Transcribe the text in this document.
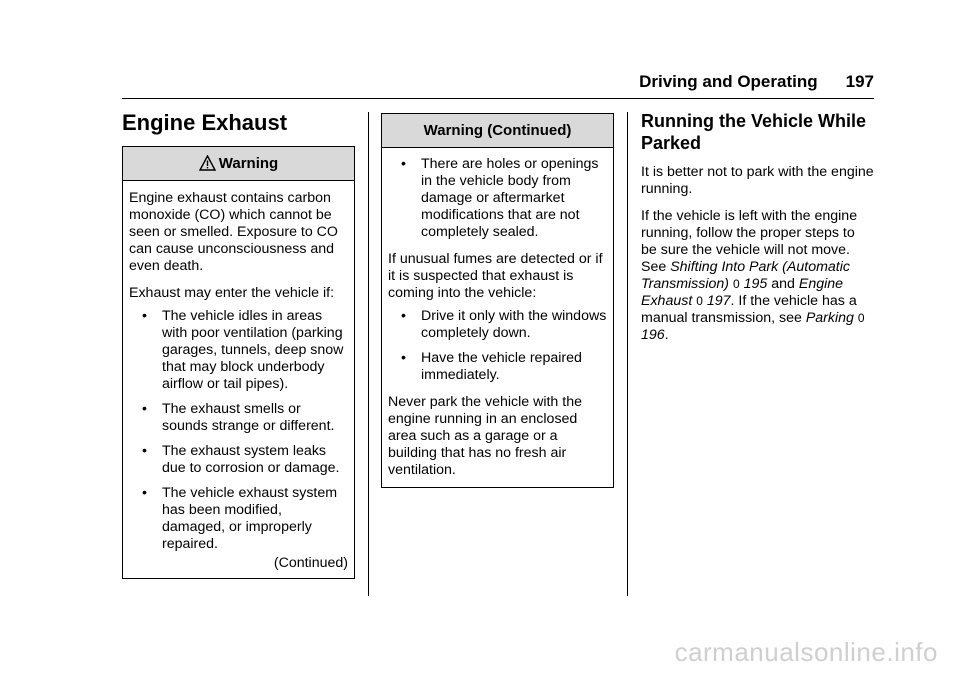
Driving and Operating 197
Engine Exhaust
Warning

Engine exhaust contains carbon monoxide (CO) which cannot be seen or smelled. Exposure to CO can cause unconsciousness and even death.

Exhaust may enter the vehicle if:

• The vehicle idles in areas with poor ventilation (parking garages, tunnels, deep snow that may block underbody airflow or tail pipes).
• The exhaust smells or sounds strange or different.
• The exhaust system leaks due to corrosion or damage.
• The vehicle exhaust system has been modified, damaged, or improperly repaired.
(Continued)
Warning (Continued)
• There are holes or openings in the vehicle body from damage or aftermarket modifications that are not completely sealed.

If unusual fumes are detected or if it is suspected that exhaust is coming into the vehicle:

• Drive it only with the windows completely down.
• Have the vehicle repaired immediately.

Never park the vehicle with the engine running in an enclosed area such as a garage or a building that has no fresh air ventilation.

Running the Vehicle While Parked

It is better not to park with the engine running.

If the vehicle is left with the engine running, follow the proper steps to be sure the vehicle will not move. See Shifting Into Park (Automatic Transmission) 0 195 and Engine Exhaust 0 197. If the vehicle has a manual transmission, see Parking 0 196.

carmanualsonline.info
